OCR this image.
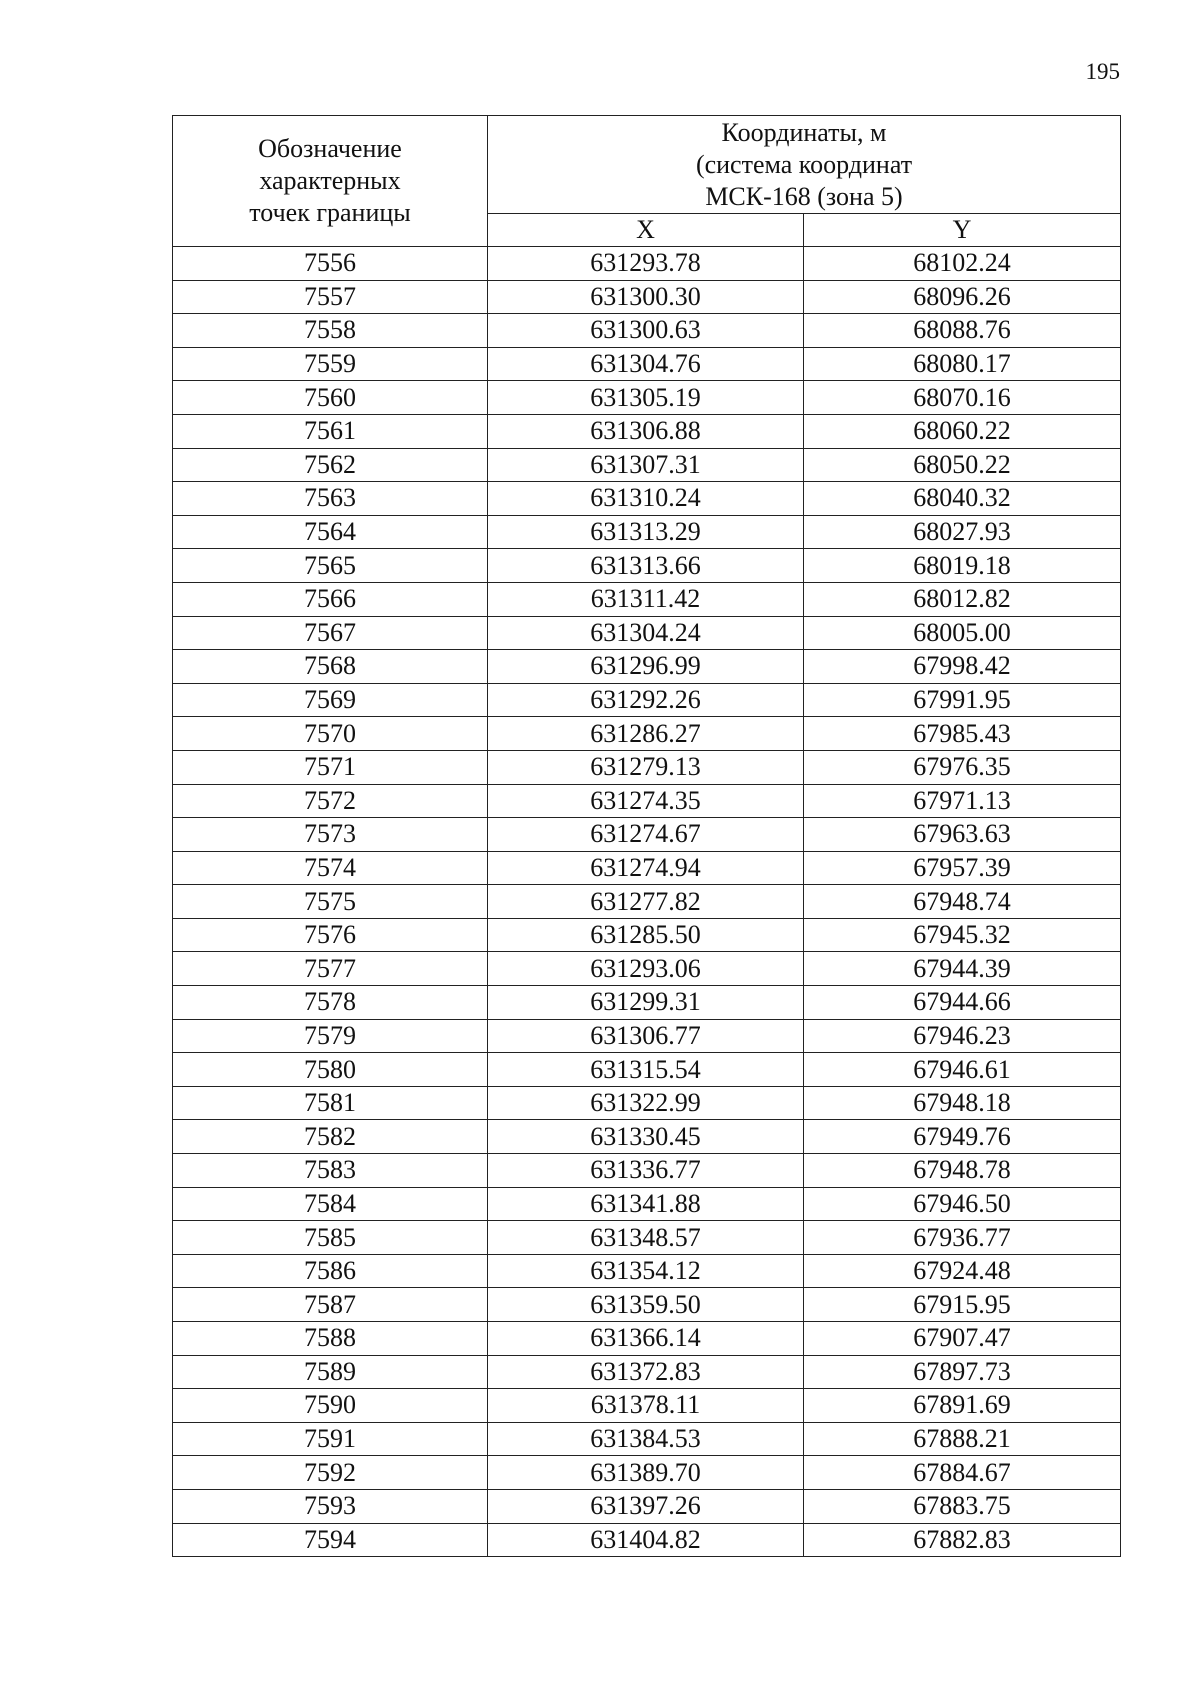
195
Обозначение
характерных
точек границы	Координаты, м
(система координат
МСК-168 (зона 5)	

	X	Y
7556	631293.78	68102.24
7557	631300.30	68096.26
7558	631300.63	68088.76
7559	631304.76	68080.17
7560	631305.19	68070.16
7561	631306.88	68060.22
7562	631307.31	68050.22
7563	631310.24	68040.32
7564	631313.29	68027.93
7565	631313.66	68019.18
7566	631311.42	68012.82
7567	631304.24	68005.00
7568	631296.99	67998.42
7569	631292.26	67991.95
7570	631286.27	67985.43
7571	631279.13	67976.35
7572	631274.35	67971.13
7573	631274.67	67963.63
7574	631274.94	67957.39
7575	631277.82	67948.74
7576	631285.50	67945.32
7577	631293.06	67944.39
7578	631299.31	67944.66
7579	631306.77	67946.23
7580	631315.54	67946.61
7581	631322.99	67948.18
7582	631330.45	67949.76
7583	631336.77	67948.78
7584	631341.88	67946.50
7585	631348.57	67936.77
7586	631354.12	67924.48
7587	631359.50	67915.95
7588	631366.14	67907.47
7589	631372.83	67897.73
7590	631378.11	67891.69
7591	631384.53	67888.21
7592	631389.70	67884.67
7593	631397.26	67883.75
7594	631404.82	67882.83
